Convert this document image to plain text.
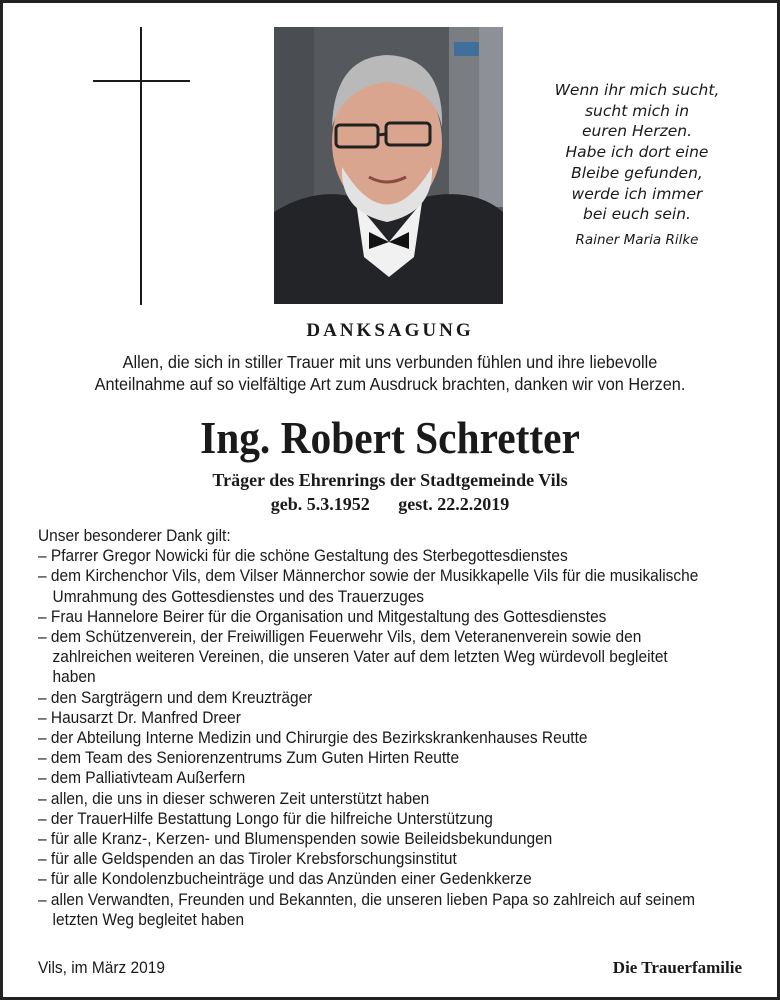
Wenn ihr mich sucht,
sucht mich in
euren Herzen.
Habe ich dort eine
Bleibe gefunden,
werde ich immer
bei euch sein.
Rainer Maria Rilke
DANKSAGUNG
Allen, die sich in stiller Trauer mit uns verbunden fühlen und ihre liebevolle
Anteilnahme auf so vielfältige Art zum Ausdruck brachten, danken wir von Herzen.
Ing. Robert Schretter
Träger des Ehrenrings der Stadtgemeinde Vils
geb. 5.3.1952 gest. 22.2.2019
Unser besonderer Dank gilt:
– Pfarrer Gregor Nowicki für die schöne Gestaltung des Sterbegottesdienstes
– dem Kirchenchor Vils, dem Vilser Männerchor sowie der Musikkapelle Vils für die musikalische Umrahmung des Gottesdienstes und des Trauerzuges
– Frau Hannelore Beirer für die Organisation und Mitgestaltung des Gottesdienstes
– dem Schützenverein, der Freiwilligen Feuerwehr Vils, dem Veteranenverein sowie den zahlreichen weiteren Vereinen, die unseren Vater auf dem letzten Weg würdevoll begleitet haben
– den Sargträgern und dem Kreuzträger
– Hausarzt Dr. Manfred Dreer
– der Abteilung Interne Medizin und Chirurgie des Bezirkskrankenhauses Reutte
– dem Team des Seniorenzentrums Zum Guten Hirten Reutte
– dem Palliativteam Außerfern
– allen, die uns in dieser schweren Zeit unterstützt haben
– der TrauerHilfe Bestattung Longo für die hilfreiche Unterstützung
– für alle Kranz-, Kerzen- und Blumenspenden sowie Beileidsbekundungen
– für alle Geldspenden an das Tiroler Krebsforschungsinstitut
– für alle Kondolenzbucheinträge und das Anzünden einer Gedenkkerze
– allen Verwandten, Freunden und Bekannten, die unseren lieben Papa so zahlreich auf seinem letzten Weg begleitet haben
Vils, im März 2019	Die Trauerfamilie
